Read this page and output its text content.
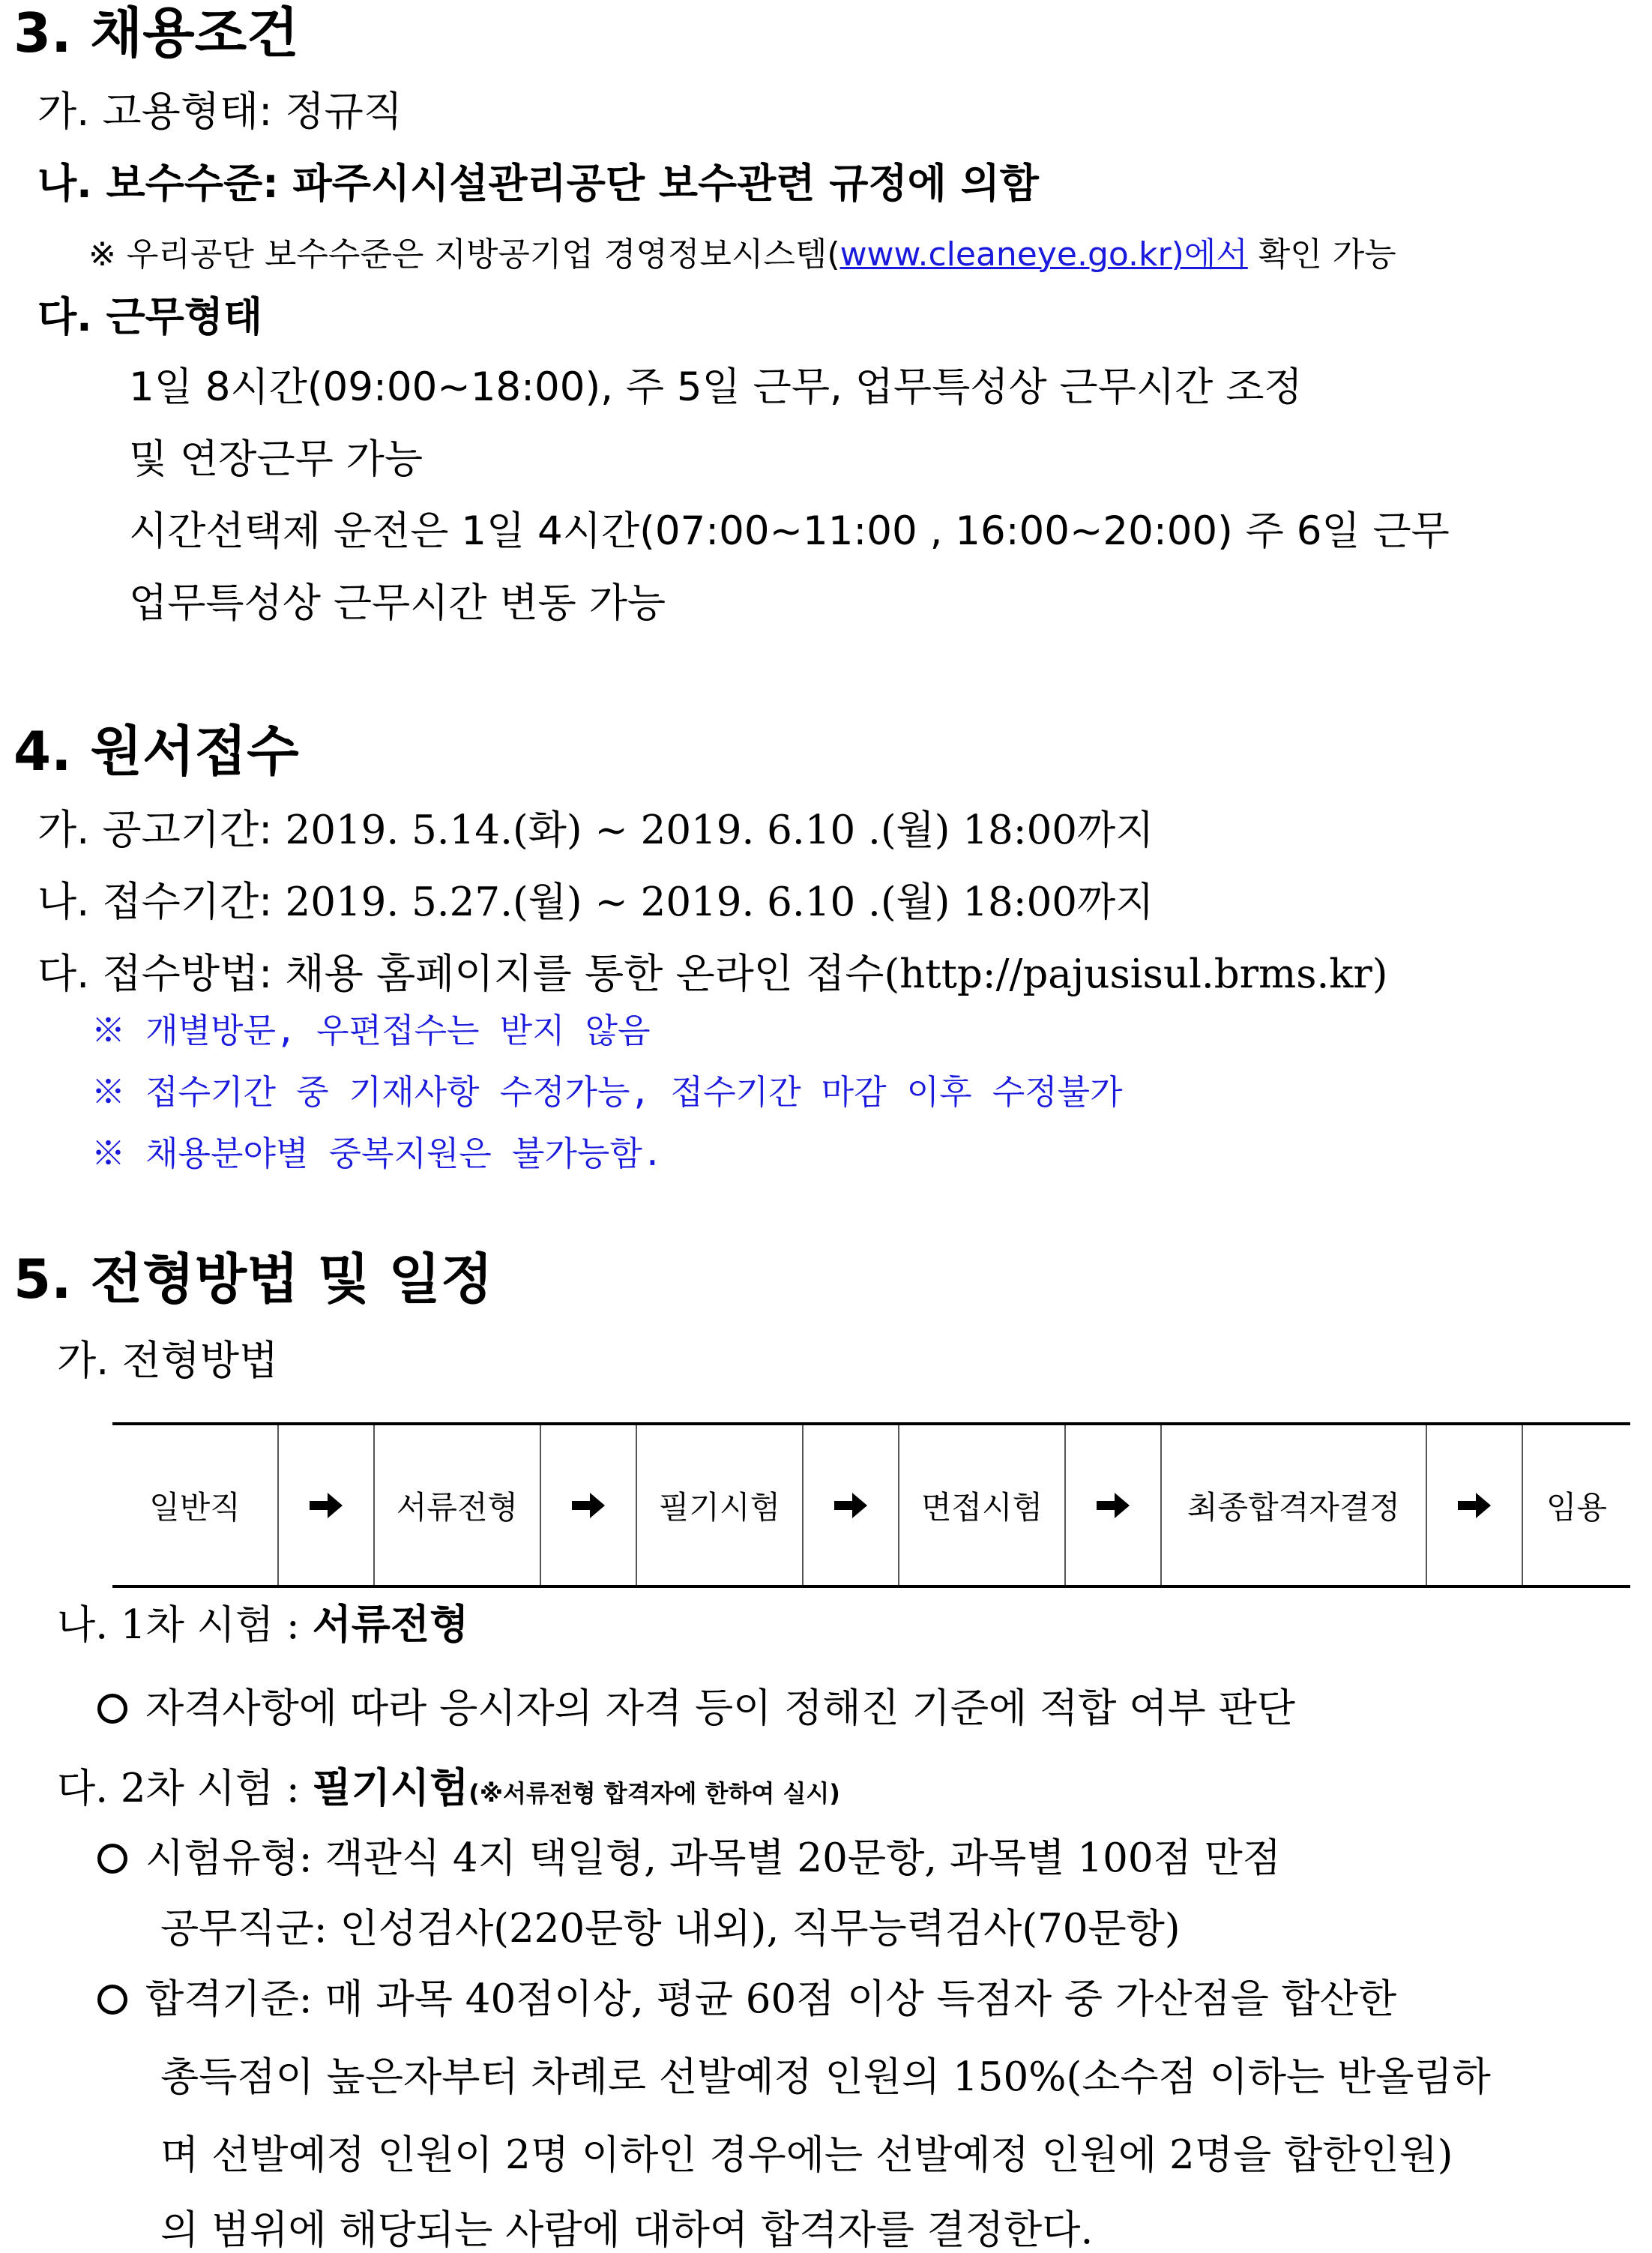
3. 채용조건
가. 고용형태: 정규직
나. 보수수준: 파주시시설관리공단 보수관련 규정에 의함
※ 우리공단 보수수준은 지방공기업 경영정보시스템(www.cleaneye.go.kr)에서 확인 가능
다. 근무형태
1일 8시간(09:00~18:00), 주 5일 근무, 업무특성상 근무시간 조정
및 연장근무 가능
시간선택제 운전은 1일 4시간(07:00~11:00 , 16:00~20:00) 주 6일 근무
업무특성상 근무시간 변동 가능
4. 원서접수
가. 공고기간: 2019. 5.14.(화) ~ 2019. 6.10 .(월) 18:00까지
나. 접수기간: 2019. 5.27.(월) ~ 2019. 6.10 .(월) 18:00까지
다. 접수방법: 채용 홈페이지를 통한 온라인 접수(http://pajusisul.brms.kr)
※ 개별방문, 우편접수는 받지 않음
※ 접수기간 중 기재사항 수정가능, 접수기간 마감 이후 수정불가
※ 채용분야별 중복지원은 불가능함.
5. 전형방법 및 일정
가. 전형방법
일반직	서류전형	필기시험	면접시험	최종합격자결정	임용
나. 1차 시험 : 서류전형
자격사항에 따라 응시자의 자격 등이 정해진 기준에 적합 여부 판단
다. 2차 시험 : 필기시험(※서류전형 합격자에 한하여 실시)
시험유형: 객관식 4지 택일형, 과목별 20문항, 과목별 100점 만점
공무직군: 인성검사(220문항 내외), 직무능력검사(70문항)
합격기준: 매 과목 40점이상, 평균 60점 이상 득점자 중 가산점을 합산한
총득점이 높은자부터 차례로 선발예정 인원의 150%(소수점 이하는 반올림하
며 선발예정 인원이 2명 이하인 경우에는 선발예정 인원에 2명을 합한인원)
의 범위에 해당되는 사람에 대하여 합격자를 결정한다.
